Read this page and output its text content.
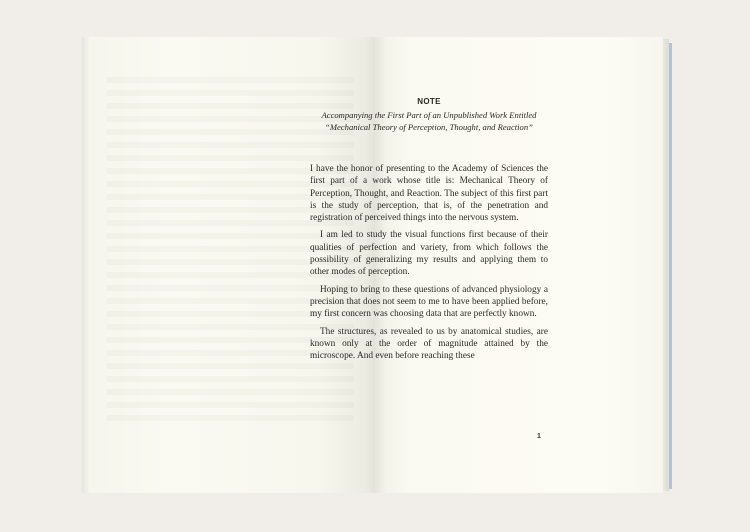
NOTE
Accompanying the First Part of an Unpublished Work Entitled “Mechanical Theory of Perception, Thought, and Reaction”

I have the honor of presenting to the Academy of Sciences the first part of a work whose title is: Mechanical Theory of Perception, Thought, and Reaction. The subject of this first part is the study of perception, that is, of the penetration and registration of perceived things into the nervous system.

I am led to study the visual functions first because of their qualities of perfection and variety, from which follows the possibility of generalizing my results and applying them to other modes of perception.

Hoping to bring to these questions of advanced physiology a precision that does not seem to me to have been applied before, my first concern was choosing data that are perfectly known.

The structures, as revealed to us by anatomical studies, are known only at the order of magnitude attained by the microscope. And even before reaching these

1
